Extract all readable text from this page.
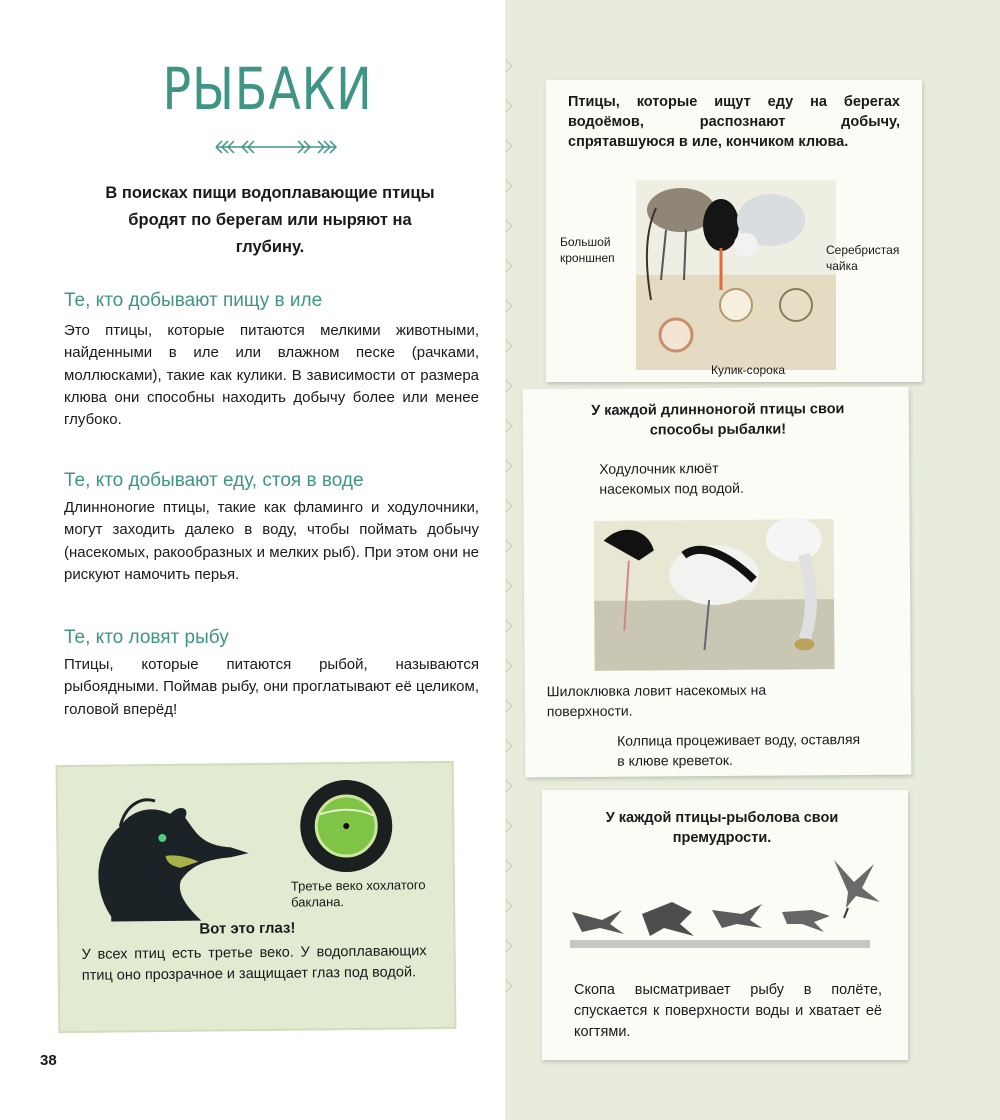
РЫБАКИ
В поисках пищи водоплавающие птицы бродят по берегам или ныряют на глубину.
Те, кто добывают пищу в иле
Это птицы, которые питаются мелкими животными, найденными в иле или влажном песке (рачками, моллюсками), такие как кулики. В зависимости от размера клюва они способны находить добычу более или менее глубоко.
Те, кто добывают еду, стоя в воде
Длинноногие птицы, такие как фламинго и ходулочники, могут заходить далеко в воду, чтобы поймать добычу (насекомых, ракообразных и мелких рыб). При этом они не рискуют намочить перья.
Те, кто ловят рыбу
Птицы, которые питаются рыбой, называются рыбоядными. Поймав рыбу, они проглатывают её целиком, головой вперёд!
Третье веко хохлатого баклана.
Вот это глаз!
У всех птиц есть третье веко. У водоплавающих птиц оно прозрачное и защищает глаз под водой.
Птицы, которые ищут еду на берегах водоёмов, распознают добычу, спрятавшуюся в иле, кончиком клюва.
Большой кроншнеп
Серебристая чайка
Кулик-сорока
У каждой длинноногой птицы свои способы рыбалки!
Ходулочник клюёт насекомых под водой.
Шилоклювка ловит насекомых на поверхности.
Колпица процеживает воду, оставляя в клюве креветок.
У каждой птицы-рыболова свои премудрости.
Скопа высматривает рыбу в полёте, спускается к поверхности воды и хватает её когтями.
38
